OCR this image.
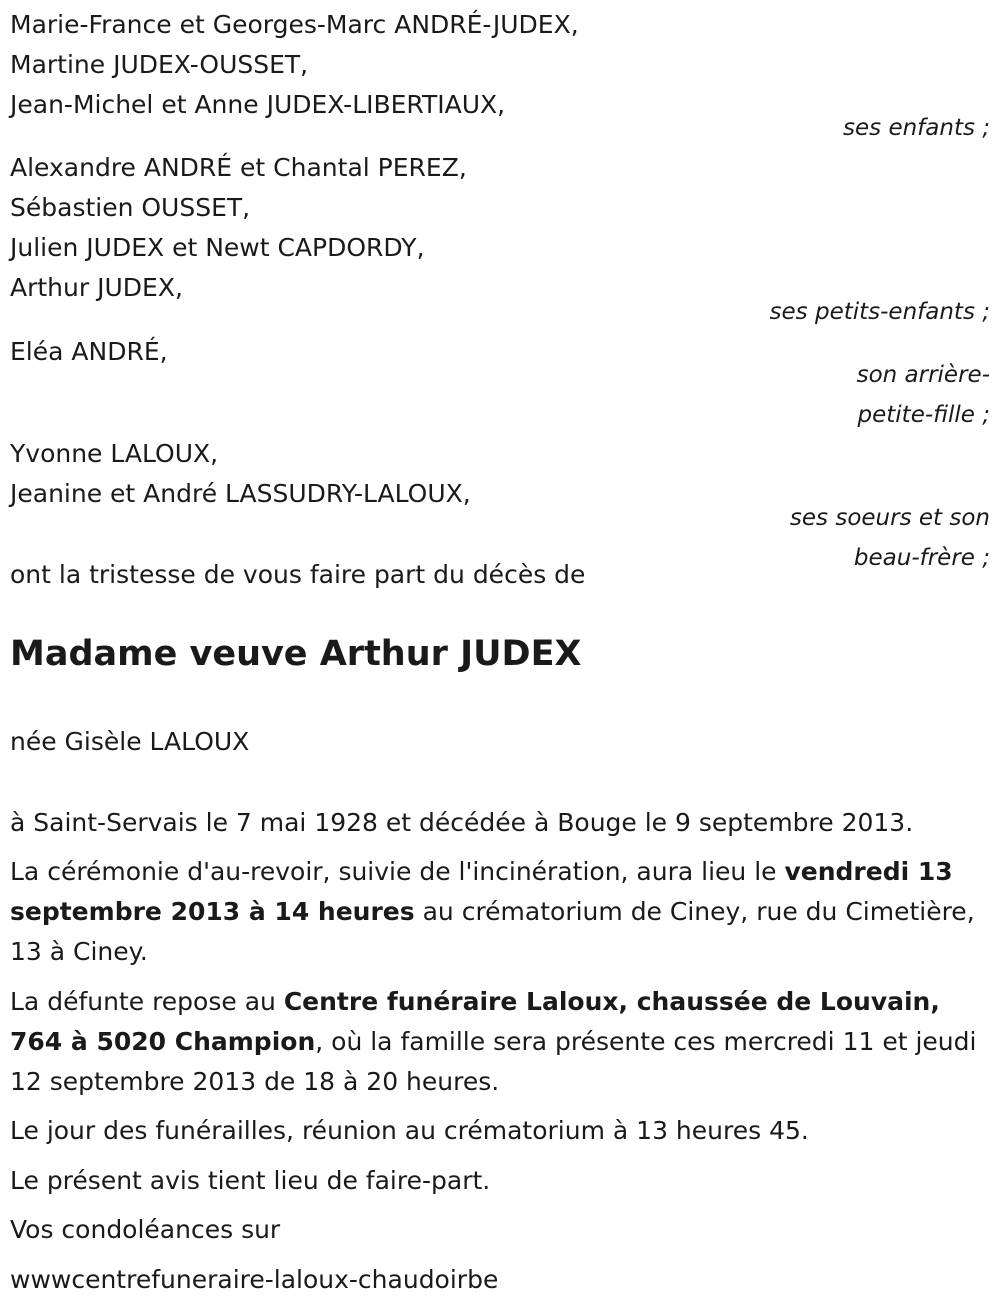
Marie-France et Georges-Marc ANDRÉ-JUDEX,
Martine JUDEX-OUSSET,
Jean-Michel et Anne JUDEX-LIBERTIAUX,
ses enfants ;
Alexandre ANDRÉ et Chantal PEREZ,
Sébastien OUSSET,
Julien JUDEX et Newt CAPDORDY,
Arthur JUDEX,
ses petits-enfants ;
Eléa ANDRÉ,
son arrière-
petite-fille ;
Yvonne LALOUX,
Jeanine et André LASSUDRY-LALOUX,
ses soeurs et son
beau-frère ;
ont la tristesse de vous faire part du décès de
Madame veuve Arthur JUDEX
née Gisèle LALOUX
à Saint-Servais le 7 mai 1928 et décédée à Bouge le 9 septembre 2013.
La cérémonie d'au-revoir, suivie de l'incinération, aura lieu le vendredi 13 septembre 2013 à 14 heures au crématorium de Ciney, rue du Cimetière, 13 à Ciney.
La défunte repose au Centre funéraire Laloux, chaussée de Louvain, 764 à 5020 Champion, où la famille sera présente ces mercredi 11 et jeudi 12 septembre 2013 de 18 à 20 heures.
Le jour des funérailles, réunion au crématorium à 13 heures 45.
Le présent avis tient lieu de faire-part.
Vos condoléances sur
wwwcentrefuneraire-laloux-chaudoirbe
